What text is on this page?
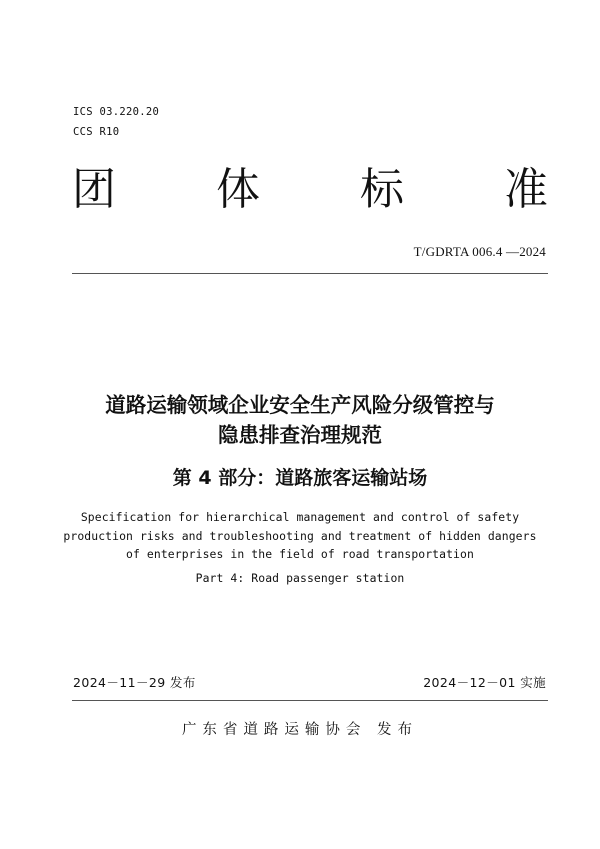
ICS 03.220.20
CCS R10
团 体 标 准
T/GDRTA 006.4 —2024
道路运输领域企业安全生产风险分级管控与
隐患排查治理规范
第 4 部分：道路旅客运输站场
Specification for hierarchical management and control of safety
production risks and troubleshooting and treatment of hidden dangers
of enterprises in the field of road transportation
Part 4: Road passenger station
2024－11－29 发布	2024－12－01 实施
广东省道路运输协会 发布
